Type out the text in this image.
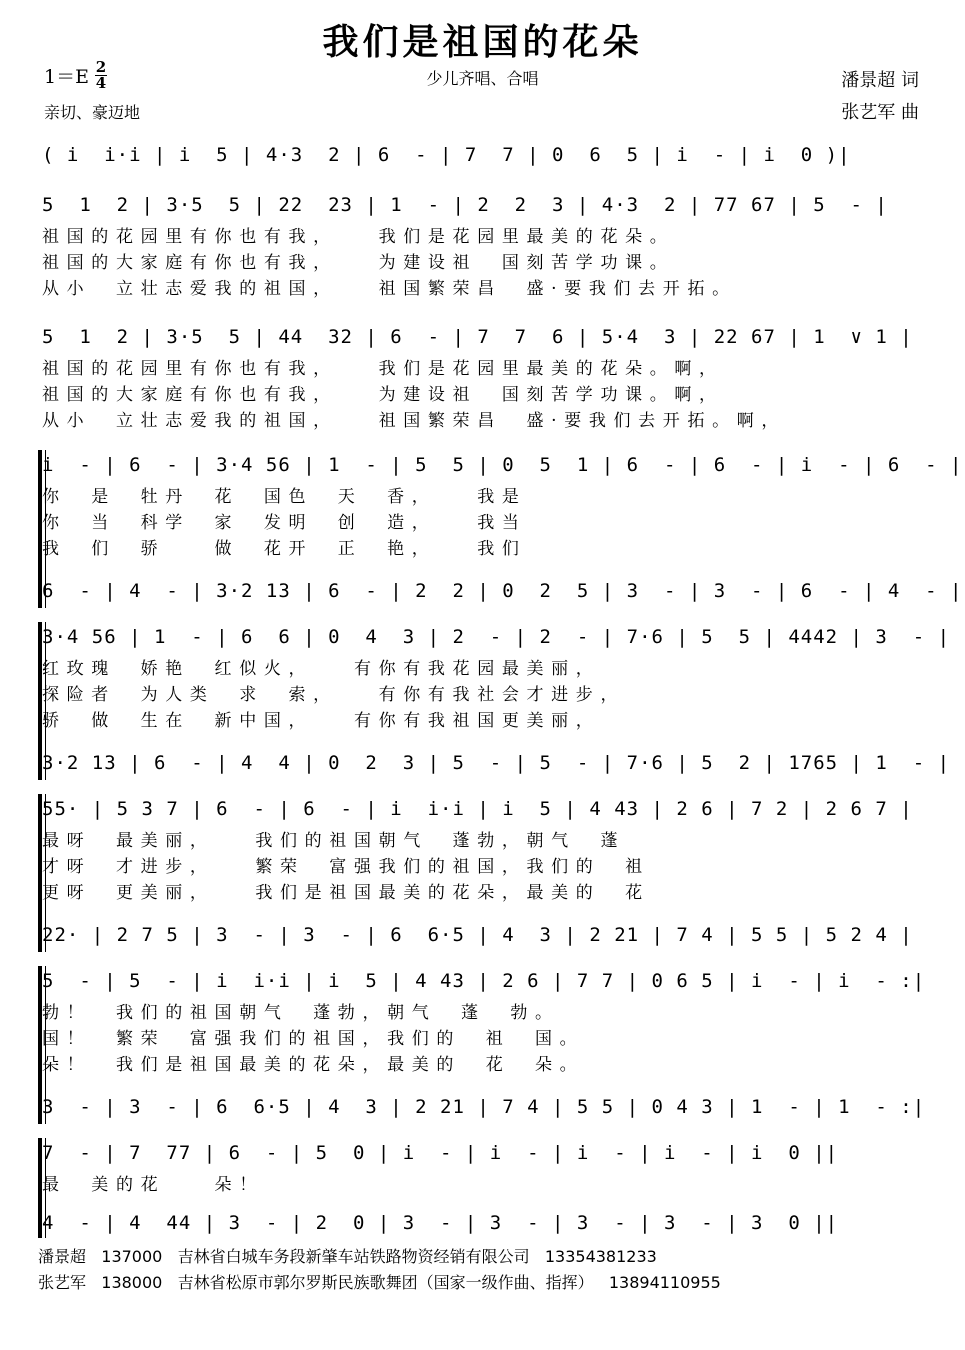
我们是祖国的花朵
$1=E \frac{2}{4}$	少儿齐唱、合唱	潘景超 词
张艺军 曲
亲切、豪迈地
( i  i·i | i  5 | 4·3  2 | 6  - | 7  7 | 0  6  5 | i  - | i  0 )|
5  1  2 | 3·5  5 | 22  23 | 1  - | 2  2  3 | 4·3  2 | 77 67 | 5  - |
祖国的花园里有你也有我，　　我们是花园里最美的花朵。
祖国的大家庭有你也有我，　　为建设祖　国刻苦学功课。
从小　立壮志爱我的祖国，　　祖国繁荣昌　盛·要我们去开拓。
5  1  2 | 3·5  5 | 44  32 | 6  - | 7  7  6 | 5·4  3 | 22 67 | 1  ∨ 1 |
祖国的花园里有你也有我，　　我们是花园里最美的花朵。啊，
祖国的大家庭有你也有我，　　为建设祖　国刻苦学功课。啊，
从小　立壮志爱我的祖国，　　祖国繁荣昌　盛·要我们去开拓。啊，
i  - | 6  - | 3·4 56 | 1  - | 5  5 | 0  5  1 | 6  - | 6  - | i  - | 6  - |
你　是　牡丹　花　国色　天　香，　　我是
你　当　科学　家　发明　创　造，　　我当
我　们　骄　　做　花开　正　艳，　　我们
6  - | 4  - | 3·2 13 | 6  - | 2  2 | 0  2  5 | 3  - | 3  - | 6  - | 4  - |
3·4 56 | 1  - | 6  6 | 0  4  3 | 2  - | 2  - | 7·6 | 5  5 | 4442 | 3  - |
红玫瑰　娇艳　红似火，　　有你有我花园最美丽，
探险者　为人类　求　索，　　有你有我社会才进步，
骄　做　生在　新中国，　　有你有我祖国更美丽，
3·2 13 | 6  - | 4  4 | 0  2  3 | 5  - | 5  - | 7·6 | 5  2 | 1765 | 1  - |
55· | 5 3 7 | 6  - | 6  - | i  i·i | i  5 | 4 43 | 2 6 | 7 2 | 2 6 7 |
最呀　最美丽，　　我们的祖国朝气　蓬勃，朝气　蓬
才呀　才进步，　　繁荣　富强我们的祖国，我们的　祖
更呀　更美丽，　　我们是祖国最美的花朵，最美的　花
22· | 2 7 5 | 3  - | 3  - | 6  6·5 | 4  3 | 2 21 | 7 4 | 5 5 | 5 2 4 |
5  - | 5  - | i  i·i | i  5 | 4 43 | 2 6 | 7 7 | 0 6 5 | i  - | i  - :|
勃！　我们的祖国朝气　蓬勃，朝气　蓬　勃。
国！　繁荣　富强我们的祖国，我们的　祖　国。
朵！　我们是祖国最美的花朵，最美的　花　朵。
3  - | 3  - | 6  6·5 | 4  3 | 2 21 | 7 4 | 5 5 | 0 4 3 | 1  - | 1  - :|
7  - | 7  77 | 6  - | 5  0 | i  - | i  - | i  - | i  - | i  0 ||
最　美的花　　朵！
4  - | 4  44 | 3  - | 2  0 | 3  - | 3  - | 3  - | 3  - | 3  0 ||
潘景超   137000   吉林省白城车务段新肇车站铁路物资经销有限公司   13354381233
张艺军   138000   吉林省松原市郭尔罗斯民族歌舞团（国家一级作曲、指挥）   13894110955
